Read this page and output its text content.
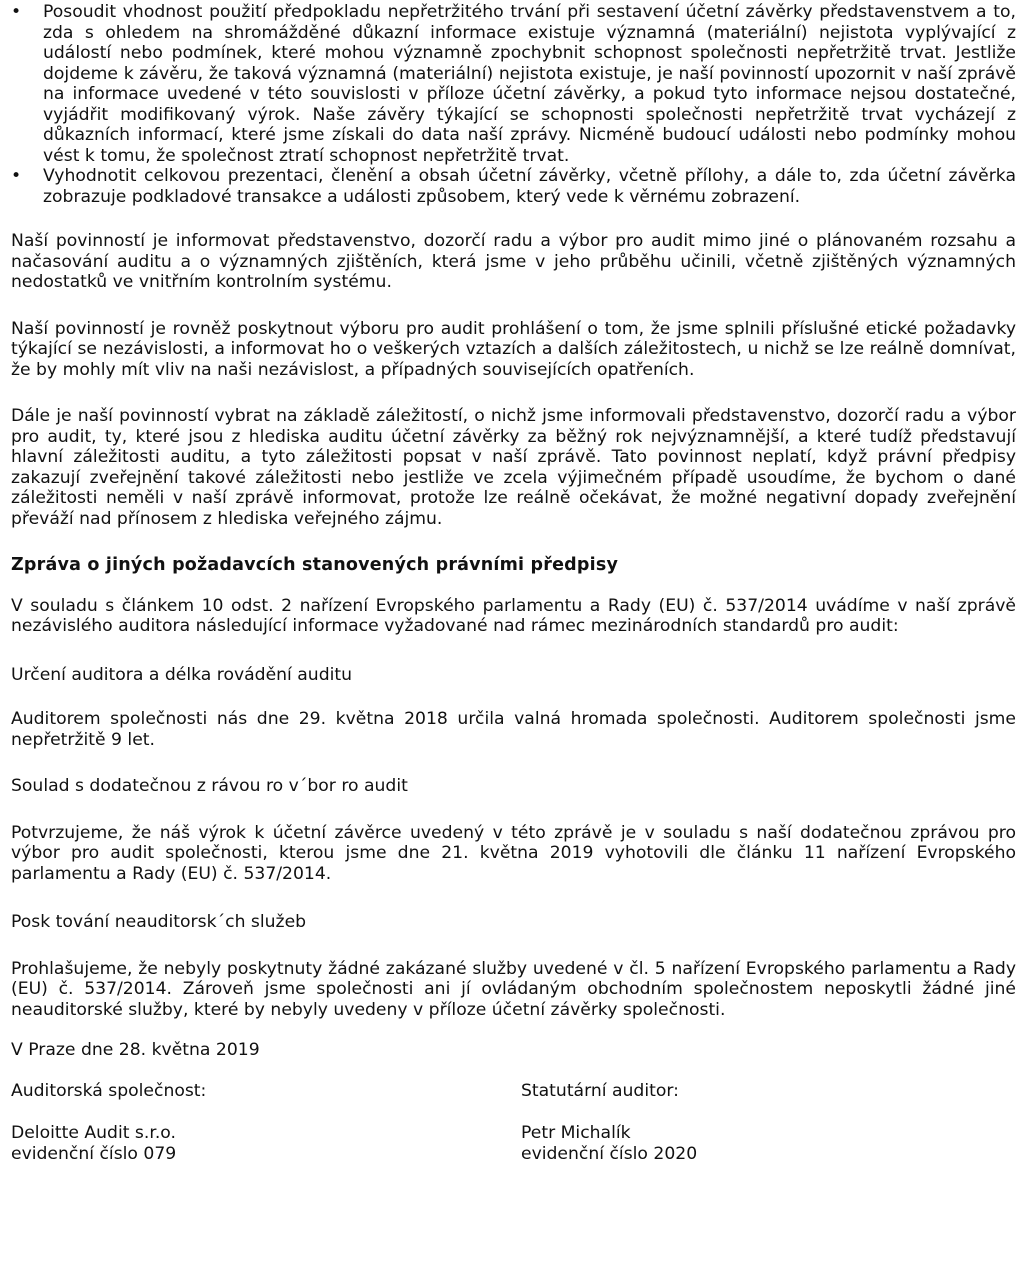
•	Posoudit vhodnost použití předpokladu nepřetržitého trvání při sestavení účetní závěrky představenstvem a to, zda s ohledem na shromážděné důkazní informace existuje významná (materiální) nejistota vyplývající z událostí nebo podmínek, které mohou významně zpochybnit schopnost společnosti nepřetržitě trvat. Jestliže dojdeme k závěru, že taková významná (materiální) nejistota existuje, je naší povinností upozornit v naší zprávě na informace uvedené v této souvislosti v příloze účetní závěrky, a pokud tyto informace nejsou dostatečné, vyjádřit modifikovaný výrok. Naše závěry týkající se schopnosti společnosti nepřetržitě trvat vycházejí z důkazních informací, které jsme získali do data naší zprávy. Nicméně budoucí události nebo podmínky mohou vést k tomu, že společnost ztratí schopnost nepřetržitě trvat.

•	Vyhodnotit celkovou prezentaci, členění a obsah účetní závěrky, včetně přílohy, a dále to, zda účetní závěrka zobrazuje podkladové transakce a události způsobem, který vede k věrnému zobrazení.

Naší povinností je informovat představenstvo, dozorčí radu a výbor pro audit mimo jiné o plánovaném rozsahu a načasování auditu a o významných zjištěních, která jsme v jeho průběhu učinili, včetně zjištěných významných nedostatků ve vnitřním kontrolním systému.

Naší povinností je rovněž poskytnout výboru pro audit prohlášení o tom, že jsme splnili příslušné etické požadavky týkající se nezávislosti, a informovat ho o veškerých vztazích a dalších záležitostech, u nichž se lze reálně domnívat, že by mohly mít vliv na naši nezávislost, a případných souvisejících opatřeních.

Dále je naší povinností vybrat na základě záležitostí, o nichž jsme informovali představenstvo, dozorčí radu a výbor pro audit, ty, které jsou z hlediska auditu účetní závěrky za běžný rok nejvýznamnější, a které tudíž představují hlavní záležitosti auditu, a tyto záležitosti popsat v naší zprávě. Tato povinnost neplatí, když právní předpisy zakazují zveřejnění takové záležitosti nebo jestliže ve zcela výjimečném případě usoudíme, že bychom o dané záležitosti neměli v naší zprávě informovat, protože lze reálně očekávat, že možné negativní dopady zveřejnění převáží nad přínosem z hlediska veřejného zájmu.

Zpráva o jiných požadavcích stanovených právními předpisy

V souladu s článkem 10 odst. 2 nařízení Evropského parlamentu a Rady (EU) č. 537/2014 uvádíme v naší zprávě nezávislého auditora následující informace vyžadované nad rámec mezinárodních standardů pro audit:

Určení auditora a délka rovádění auditu

Auditorem společnosti nás dne 29. května 2018 určila valná hromada společnosti. Auditorem společnosti jsme nepřetržitě 9 let.

Soulad s dodatečnou z rávou ro v´bor ro audit

Potvrzujeme, že náš výrok k účetní závěrce uvedený v této zprávě je v souladu s naší dodatečnou zprávou pro výbor pro audit společnosti, kterou jsme dne 21. května 2019 vyhotovili dle článku 11 nařízení Evropského parlamentu a Rady (EU) č. 537/2014.

Posk tování neauditorsk´ch služeb

Prohlašujeme, že nebyly poskytnuty žádné zakázané služby uvedené v čl. 5 nařízení Evropského parlamentu a Rady (EU) č. 537/2014. Zároveň jsme společnosti ani jí ovládaným obchodním společnostem neposkytli žádné jiné neauditorské služby, které by nebyly uvedeny v příloze účetní závěrky společnosti.

V Praze dne 28. května 2019

Auditorská společnost:
Deloitte Audit s.r.o.
evidenční číslo 079
Statutární auditor:
Petr Michalík
evidenční číslo 2020
